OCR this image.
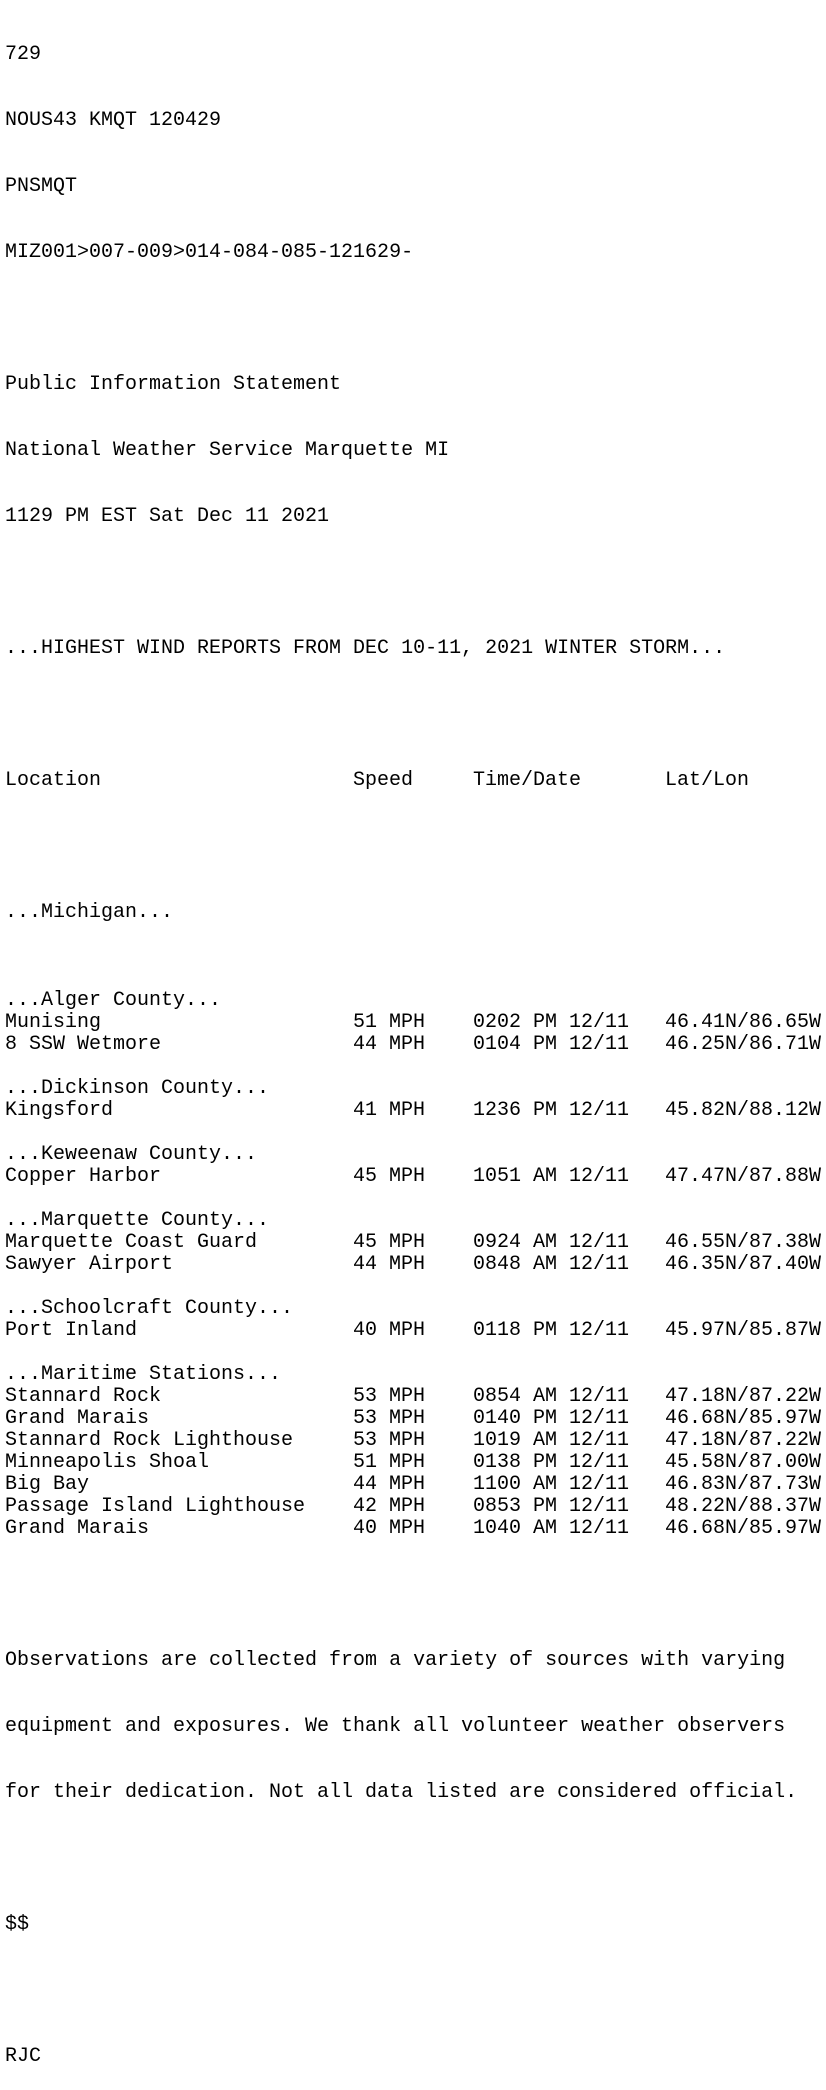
729

NOUS43 KMQT 120429

PNSMQT

MIZ001>007-009>014-084-085-121629-

Public Information Statement

National Weather Service Marquette MI

1129 PM EST Sat Dec 11 2021

...HIGHEST WIND REPORTS FROM DEC 10-11, 2021 WINTER STORM...

Location	Speed	Time/Date	Lat/Lon

...Michigan...

...Alger County...
Munising	51 MPH 0202 PM 12/11 46.41N/86.65W
8 SSW Wetmore	44 MPH 0104 PM 12/11 46.25N/86.71W
...Dickinson County...
Kingsford	41 MPH 1236 PM 12/11 45.82N/88.12W
...Keweenaw County...
Copper Harbor	45 MPH 1051 AM 12/11 47.47N/87.88W
...Marquette County...
Marquette Coast Guard	45 MPH 0924 AM 12/11 46.55N/87.38W
Sawyer Airport	44 MPH 0848 AM 12/11 46.35N/87.40W
...Schoolcraft County...
Port Inland	40 MPH 0118 PM 12/11 45.97N/85.87W
...Maritime Stations...
Stannard Rock	53 MPH 0854 AM 12/11 47.18N/87.22W
Grand Marais	53 MPH 0140 PM 12/11 46.68N/85.97W
Stannard Rock Lighthouse	53 MPH 1019 AM 12/11 47.18N/87.22W
Minneapolis Shoal	51 MPH 0138 PM 12/11 45.58N/87.00W
Big Bay	44 MPH 1100 AM 12/11 46.83N/87.73W
Passage Island Lighthouse 42 MPH 0853 PM 12/11 48.22N/88.37W
Grand Marais	40 MPH 1040 AM 12/11 46.68N/85.97W

Observations are collected from a variety of sources with varying

equipment and exposures. We thank all volunteer weather observers

for their dedication. Not all data listed are considered official.

$$

RJC
